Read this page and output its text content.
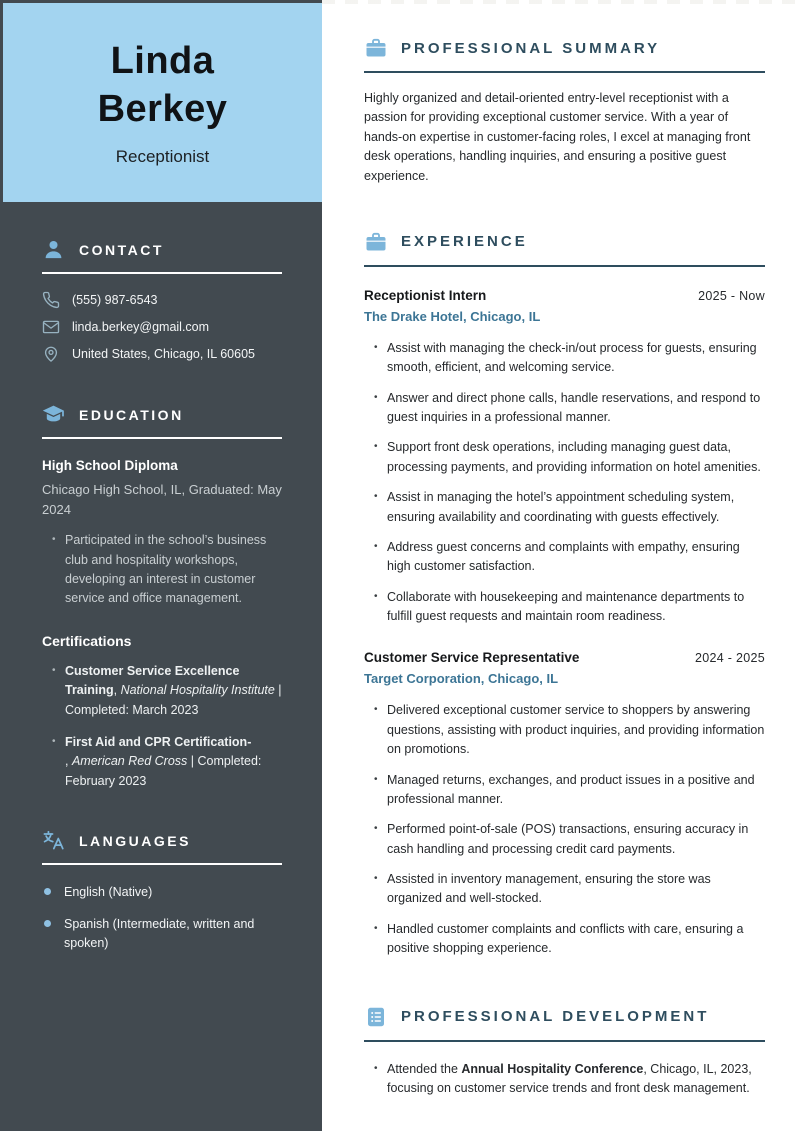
Linda Berkey
Receptionist
CONTACT
(555) 987-6543
linda.berkey@gmail.com
United States, Chicago, IL 60605
EDUCATION
High School Diploma
Chicago High School, IL, Graduated: May 2024
• Participated in the school’s business club and hospitality workshops, developing an interest in customer service and office management.
Certifications
• Customer Service Excellence Training, National Hospitality Institute | Completed: March 2023
• First Aid and CPR Certification-
, American Red Cross | Completed: February 2023
LANGUAGES
English (Native)
Spanish (Intermediate, written and spoken)
PROFESSIONAL SUMMARY

Highly organized and detail-oriented entry-level receptionist with a passion for providing exceptional customer service. With a year of hands-on expertise in customer-facing roles, I excel at managing front desk operations, handling inquiries, and ensuring a positive guest experience.

EXPERIENCE
Receptionist Intern	2025 - Now
The Drake Hotel, Chicago, IL
• Assist with managing the check-in/out process for guests, ensuring smooth, efficient, and welcoming service.
• Answer and direct phone calls, handle reservations, and respond to guest inquiries in a professional manner.
• Support front desk operations, including managing guest data, processing payments, and providing information on hotel amenities.
• Assist in managing the hotel’s appointment scheduling system, ensuring availability and coordinating with guests effectively.
• Address guest concerns and complaints with empathy, ensuring high customer satisfaction.
• Collaborate with housekeeping and maintenance departments to fulfill guest requests and maintain room readiness.
Customer Service Representative	2024 - 2025
Target Corporation, Chicago, IL
• Delivered exceptional customer service to shoppers by answering questions, assisting with product inquiries, and providing information on promotions.
• Managed returns, exchanges, and product issues in a positive and professional manner.
• Performed point-of-sale (POS) transactions, ensuring accuracy in cash handling and processing credit card payments.
• Assisted in inventory management, ensuring the store was organized and well-stocked.
• Handled customer complaints and conflicts with care, ensuring a positive shopping experience.
PROFESSIONAL DEVELOPMENT
• Attended the Annual Hospitality Conference, Chicago, IL, 2023, focusing on customer service trends and front desk management.
